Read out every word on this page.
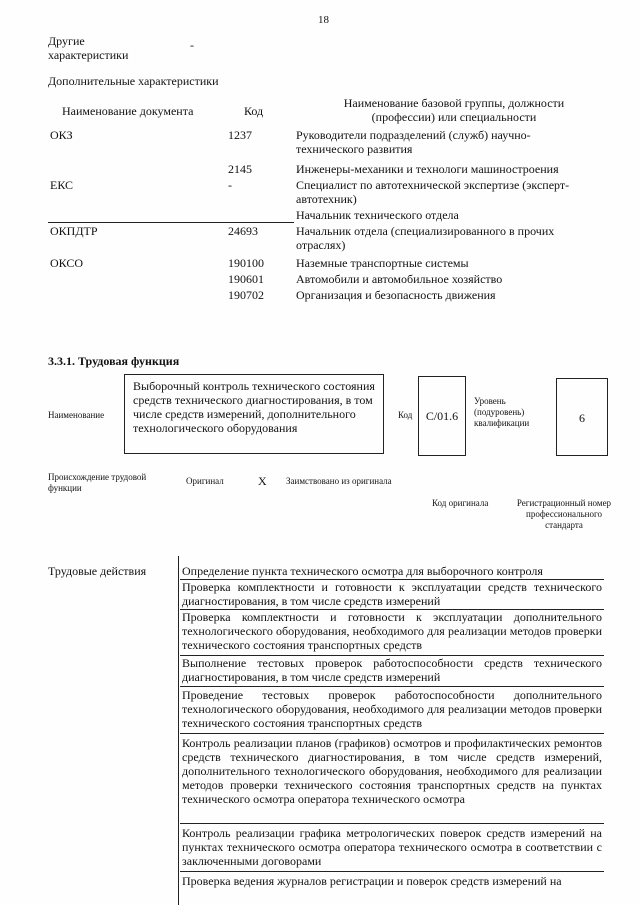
18
Другие характеристики
-
Дополнительные характеристики
Наименование документа	Код
Наименование базовой группы, должности (профессии) или специальности
ОКЗ	1237	Руководители подразделений (служб) научно-технического развития
2145	Инженеры-механики и технологи машиностроения
ЕКС	-	Специалист по автотехнической экспертизе (эксперт-автотехник)
Начальник технического отдела
ОКПДТР	24693	Начальник отдела (специализированного в прочих отраслях)
ОКСО	190100	Наземные транспортные системы
190601	Автомобили и автомобильное хозяйство
190702	Организация и безопасность движения
3.3.1. Трудовая функция
Наименование
Выборочный контроль технического состояния средств технического диагностирования, в том числе средств измерений, дополнительного технологического оборудования
Код	C/01.6
Уровень (подуровень) квалификации	6
Происхождение трудовой функции
Оригинал	X Заимствовано из оригинала
Код оригинала	Регистрационный номер профессионального стандарта
Трудовые действия	Определение пункта технического осмотра для выборочного контроля
Проверка комплектности и готовности к эксплуатации средств технического диагностирования, в том числе средств измерений
Проверка комплектности и готовности к эксплуатации дополнительного технологического оборудования, необходимого для реализации методов проверки технического состояния транспортных средств
Выполнение тестовых проверок работоспособности средств технического диагностирования, в том числе средств измерений
Проведение тестовых проверок работоспособности дополнительного технологического оборудования, необходимого для реализации методов проверки технического состояния транспортных средств
Контроль реализации планов (графиков) осмотров и профилактических ремонтов средств технического диагностирования, в том числе средств измерений, дополнительного технологического оборудования, необходимого для реализации методов проверки технического состояния транспортных средств на пунктах технического осмотра оператора технического осмотра
Контроль реализации графика метрологических поверок средств измерений на пунктах технического осмотра оператора технического осмотра в соответствии с заключенными договорами
Проверка ведения журналов регистрации и поверок средств измерений на
